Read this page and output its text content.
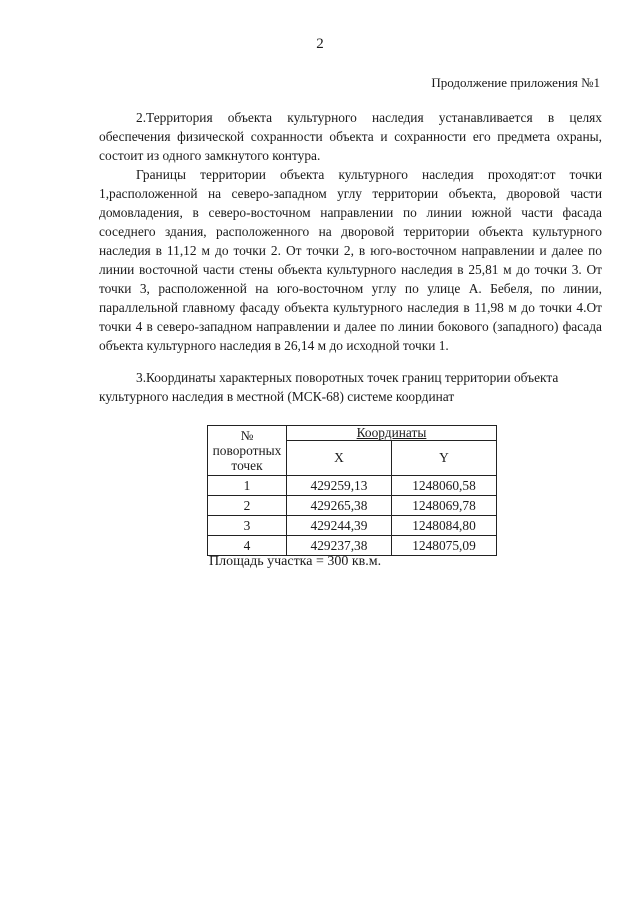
2
Продолжение приложения №1

2.Территория объекта культурного наследия устанавливается в целях обеспечения физической сохранности объекта и сохранности его предмета охраны, состоит из одного замкнутого контура.

Границы территории объекта культурного наследия проходят:от точки 1,расположенной на северо-западном углу территории объекта, дворовой части домовладения, в северо-восточном направлении по линии южной части фасада соседнего здания, расположенного на дворовой территории объекта культурного наследия в 11,12 м до точки 2. От точки 2, в юго-восточном направлении и далее по линии восточной части стены объекта культурного наследия в 25,81 м до точки 3. От точки 3, расположенной на юго-восточном углу по улице А. Бебеля, по линии, параллельной главному фасаду объекта культурного наследия в 11,98 м до точки 4.От точки 4 в северо-западном направлении и далее по линии бокового (западного) фасада объекта культурного наследия в 26,14 м до исходной точки 1.

3.Координаты характерных поворотных точек границ территории объекта культурного наследия в местной (МСК-68) системе координат

№ поворотных точек	Координаты	
	X	Y
1	429259,13	1248060,58
2	429265,38	1248069,78
3	429244,39	1248084,80
4	429237,38	1248075,09
Площадь участка = 300 кв.м.
